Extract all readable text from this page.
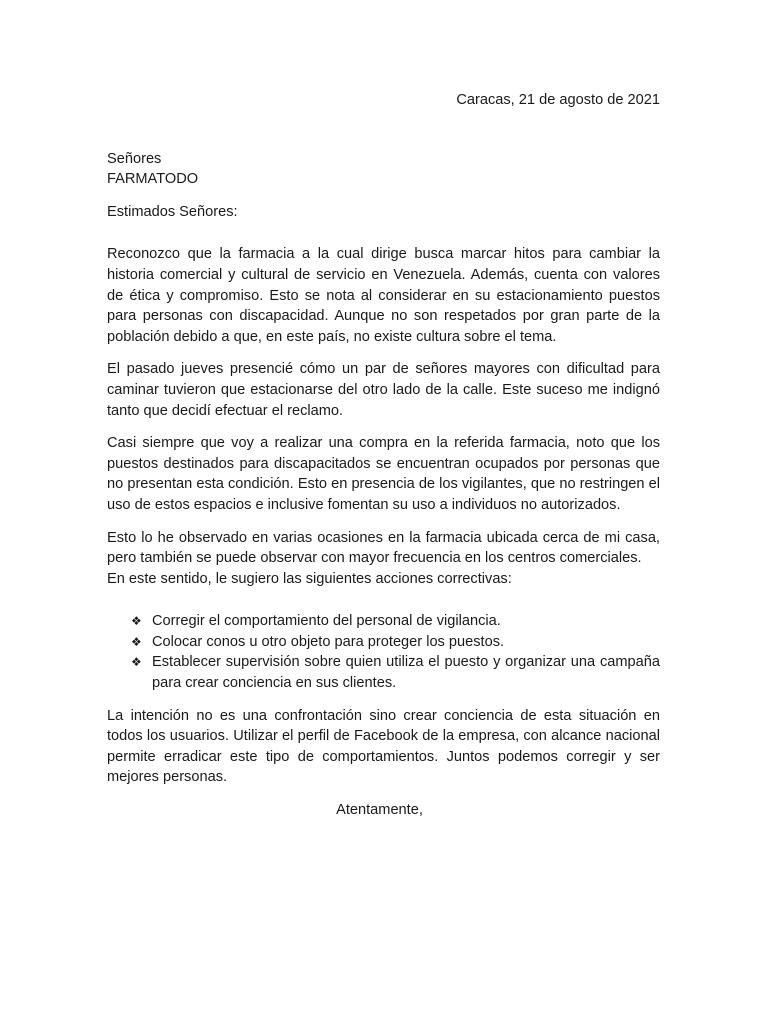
Caracas, 21 de agosto de 2021

Señores
FARMATODO

Estimados Señores:

Reconozco que la farmacia a la cual dirige busca marcar hitos para cambiar la historia comercial y cultural de servicio en Venezuela. Además, cuenta con valores de ética y compromiso. Esto se nota al considerar en su estacionamiento puestos para personas con discapacidad. Aunque no son respetados por gran parte de la población debido a que, en este país, no existe cultura sobre el tema.

El pasado jueves presencié cómo un par de señores mayores con dificultad para caminar tuvieron que estacionarse del otro lado de la calle. Este suceso me indignó tanto que decidí efectuar el reclamo.

Casi siempre que voy a realizar una compra en la referida farmacia, noto que los puestos destinados para discapacitados se encuentran ocupados por personas que no presentan esta condición. Esto en presencia de los vigilantes, que no restringen el uso de estos espacios e inclusive fomentan su uso a individuos no autorizados.

Esto lo he observado en varias ocasiones en la farmacia ubicada cerca de mi casa, pero también se puede observar con mayor frecuencia en los centros comerciales.

En este sentido, le sugiero las siguientes acciones correctivas:

❖ Corregir el comportamiento del personal de vigilancia.
❖ Colocar conos u otro objeto para proteger los puestos.
❖ Establecer supervisión sobre quien utiliza el puesto y organizar una campaña para crear conciencia en sus clientes.

La intención no es una confrontación sino crear conciencia de esta situación en todos los usuarios. Utilizar el perfil de Facebook de la empresa, con alcance nacional permite erradicar este tipo de comportamientos. Juntos podemos corregir y ser mejores personas.

Atentamente,
